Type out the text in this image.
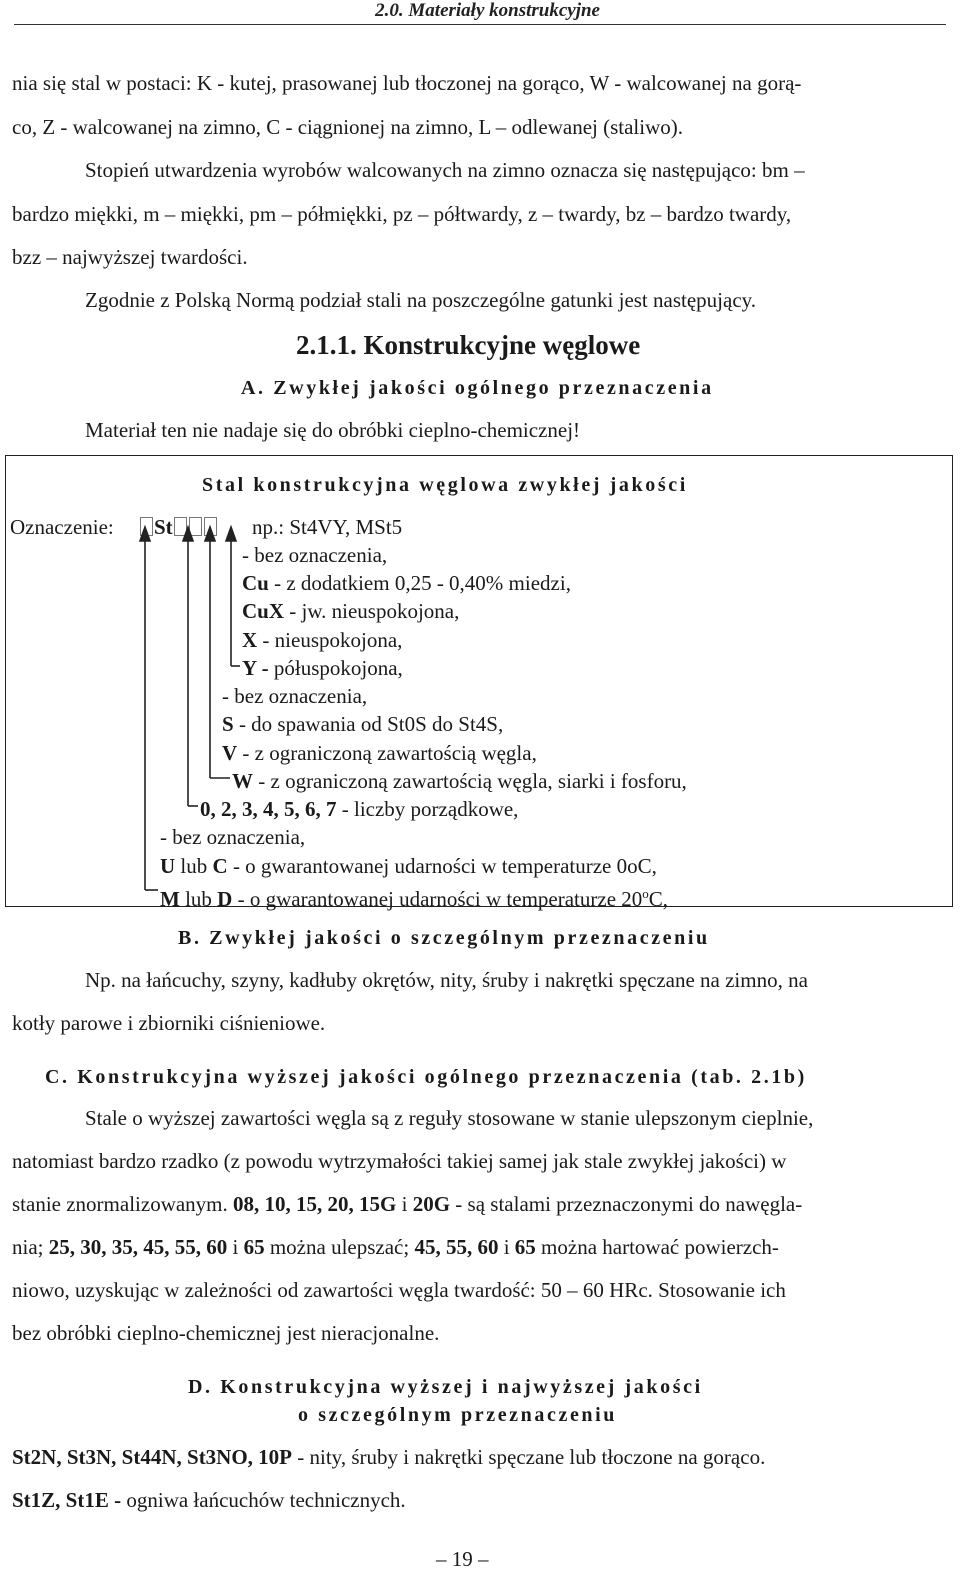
2.0. Materiały konstrukcyjne
nia się stal w postaci: K - kutej, prasowanej lub tłoczonej na gorąco, W - walcowanej na gorą-
co, Z - walcowanej na zimno, C - ciągnionej na zimno, L – odlewanej (staliwo).
Stopień utwardzenia wyrobów walcowanych na zimno oznacza się następująco: bm –
bardzo miękki, m – miękki, pm – półmiękki, pz – półtwardy, z – twardy, bz – bardzo twardy,
bzz – najwyższej twardości.
Zgodnie z Polską Normą podział stali na poszczególne gatunki jest następujący.
2.1.1. Konstrukcyjne węglowe
A. Zwykłej jakości ogólnego przeznaczenia
Materiał ten nie nadaje się do obróbki cieplno-chemicznej!
Stal konstrukcyjna węglowa zwykłej jakości
Oznaczenie:	St	np.: St4VY, MSt5
- bez oznaczenia,
Cu - z dodatkiem 0,25 - 0,40% miedzi,
CuX - jw. nieuspokojona,
X - nieuspokojona,
Y - półuspokojona,
- bez oznaczenia,
S - do spawania od St0S do St4S,
V - z ograniczoną zawartością węgla,
W - z ograniczoną zawartością węgla, siarki i fosforu,
0, 2, 3, 4, 5, 6, 7 - liczby porządkowe,
- bez oznaczenia,
U lub C - o gwarantowanej udarności w temperaturze 0oC,
M lub D - o gwarantowanej udarności w temperaturze 20$^o$C,
B. Zwykłej jakości o szczególnym przeznaczeniu
Np. na łańcuchy, szyny, kadłuby okrętów, nity, śruby i nakrętki spęczane na zimno, na
kotły parowe i zbiorniki ciśnieniowe.
C. Konstrukcyjna wyższej jakości ogólnego przeznaczenia (tab. 2.1b)
Stale o wyższej zawartości węgla są z reguły stosowane w stanie ulepszonym cieplnie,
natomiast bardzo rzadko (z powodu wytrzymałości takiej samej jak stale zwykłej jakości) w
stanie znormalizowanym. 08, 10, 15, 20, 15G i 20G - są stalami przeznaczonymi do nawęgla-
nia; 25, 30, 35, 45, 55, 60 i 65 można ulepszać; 45, 55, 60 i 65 można hartować powierzch-
niowo, uzyskując w zależności od zawartości węgla twardość: 50 – 60 HRc. Stosowanie ich
bez obróbki cieplno-chemicznej jest nieracjonalne.
D. Konstrukcyjna wyższej i najwyższej jakości
o szczególnym przeznaczeniu
St2N, St3N, St44N, St3NO, 10P - nity, śruby i nakrętki spęczane lub tłoczone na gorąco.
St1Z, St1E - ogniwa łańcuchów technicznych.
– 19 –
